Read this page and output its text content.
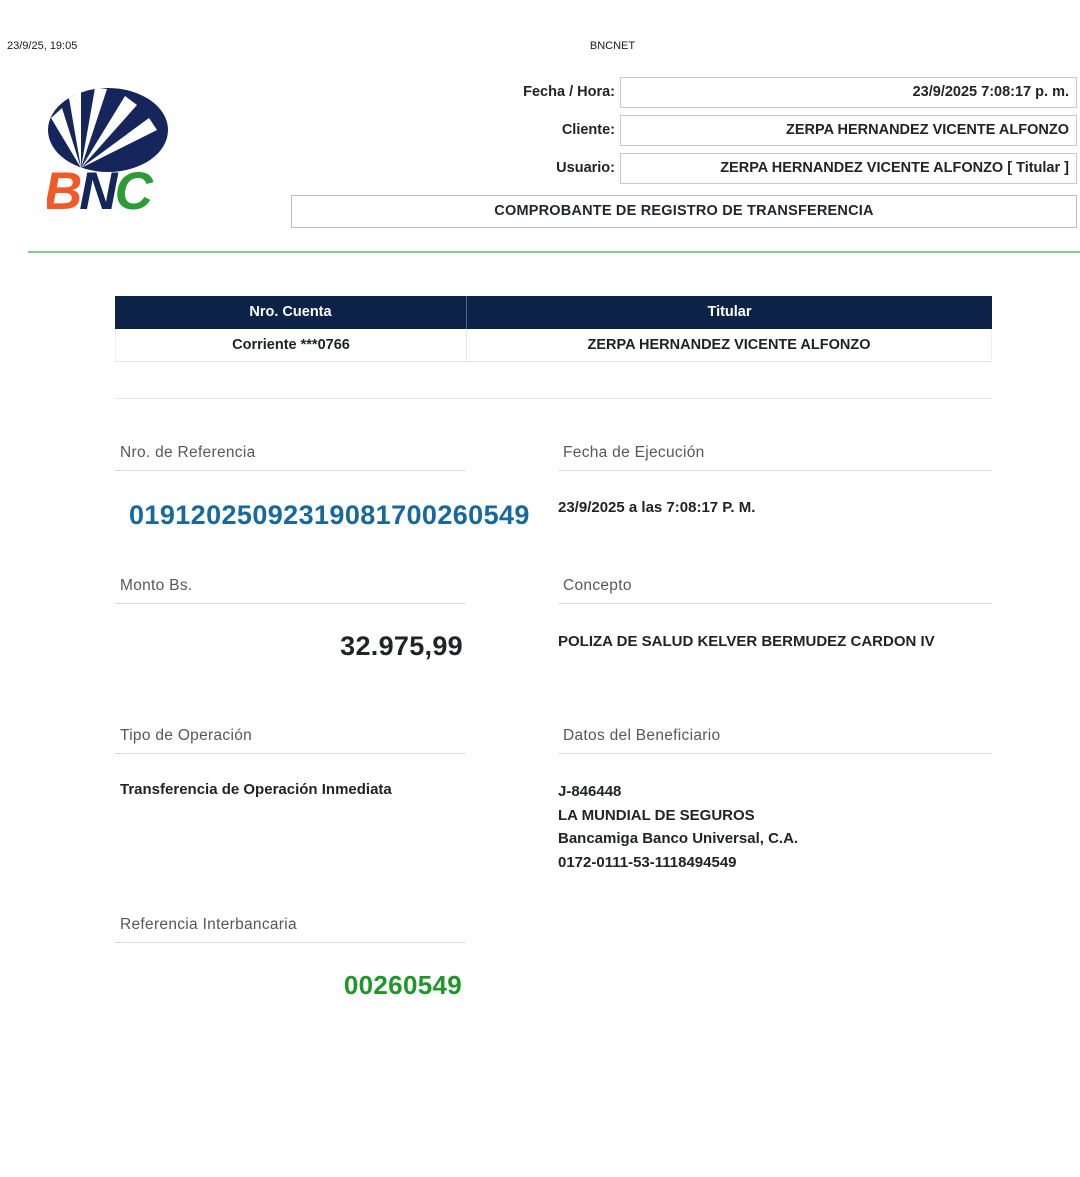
23/9/25, 19:05	BNCNET
BNC
Fecha / Hora:	23/9/2025 7:08:17 p. m.
Cliente:	ZERPA HERNANDEZ VICENTE ALFONZO
Usuario:	ZERPA HERNANDEZ VICENTE ALFONZO [ Titular ]
COMPROBANTE DE REGISTRO DE TRANSFERENCIA
Nro. Cuenta	Titular
Corriente ***0766	ZERPA HERNANDEZ VICENTE ALFONZO
Nro. de Referencia	Fecha de Ejecución
01912025092319081700260549 23/9/2025 a las 7:08:17 P. M.
Monto Bs.	Concepto
32.975,99	POLIZA DE SALUD KELVER BERMUDEZ CARDON IV
Tipo de Operación	Datos del Beneficiario
Transferencia de Operación Inmediata	J-846448
LA MUNDIAL DE SEGUROS
Bancamiga Banco Universal, C.A.
0172-0111-53-1118494549
Referencia Interbancaria
00260549
